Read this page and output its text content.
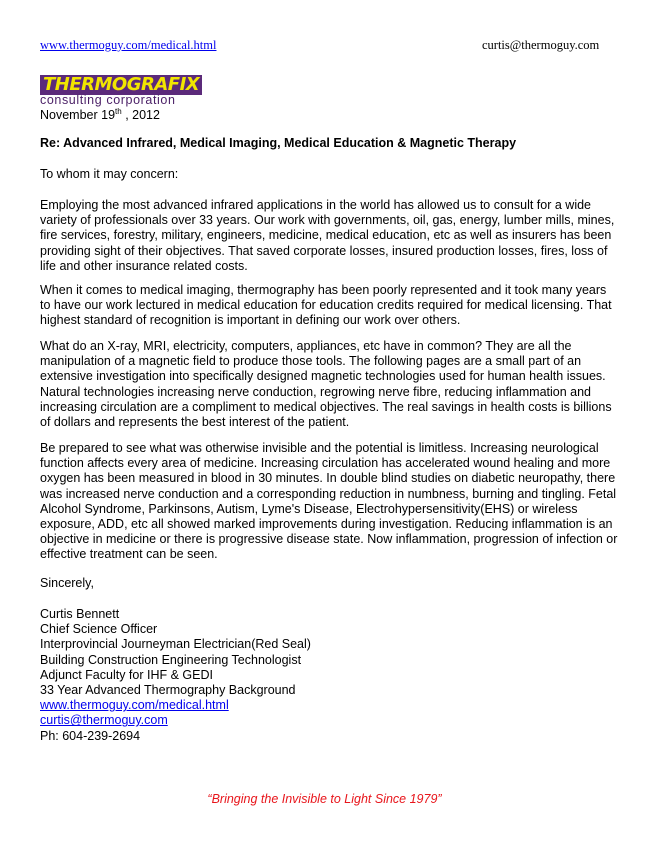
www.thermoguy.com/medical.html	curtis@thermoguy.com
THERMOGRAFIX
consulting corporation
November 19th , 2012
Re: Advanced Infrared, Medical Imaging, Medical Education & Magnetic Therapy
To whom it may concern:
Employing the most advanced infrared applications in the world has allowed us to consult for a wide variety of professionals over 33 years. Our work with governments, oil, gas, energy, lumber mills, mines, fire services, forestry, military, engineers, medicine, medical education, etc as well as insurers has been providing sight of their objectives. That saved corporate losses, insured production losses, fires, loss of life and other insurance related costs.
When it comes to medical imaging, thermography has been poorly represented and it took many years to have our work lectured in medical education for education credits required for medical licensing. That highest standard of recognition is important in defining our work over others.
What do an X-ray, MRI, electricity, computers, appliances, etc have in common? They are all the manipulation of a magnetic field to produce those tools. The following pages are a small part of an extensive investigation into specifically designed magnetic technologies used for human health issues. Natural technologies increasing nerve conduction, regrowing nerve fibre, reducing inflammation and increasing circulation are a compliment to medical objectives. The real savings in health costs is billions of dollars and represents the best interest of the patient.
Be prepared to see what was otherwise invisible and the potential is limitless. Increasing neurological function affects every area of medicine. Increasing circulation has accelerated wound healing and more oxygen has been measured in blood in 30 minutes. In double blind studies on diabetic neuropathy, there was increased nerve conduction and a corresponding reduction in numbness, burning and tingling. Fetal Alcohol Syndrome, Parkinsons, Autism, Lyme's Disease, Electrohypersensitivity(EHS) or wireless exposure, ADD, etc all showed marked improvements during investigation. Reducing inflammation is an objective in medicine or there is progressive disease state. Now inflammation, progression of infection or effective treatment can be seen.
Sincerely,
Curtis Bennett
Chief Science Officer
Interprovincial Journeyman Electrician(Red Seal)
Building Construction Engineering Technologist
Adjunct Faculty for IHF & GEDI
33 Year Advanced Thermography Background
www.thermoguy.com/medical.html
curtis@thermoguy.com
Ph: 604-239-2694
“Bringing the Invisible to Light Since 1979”
